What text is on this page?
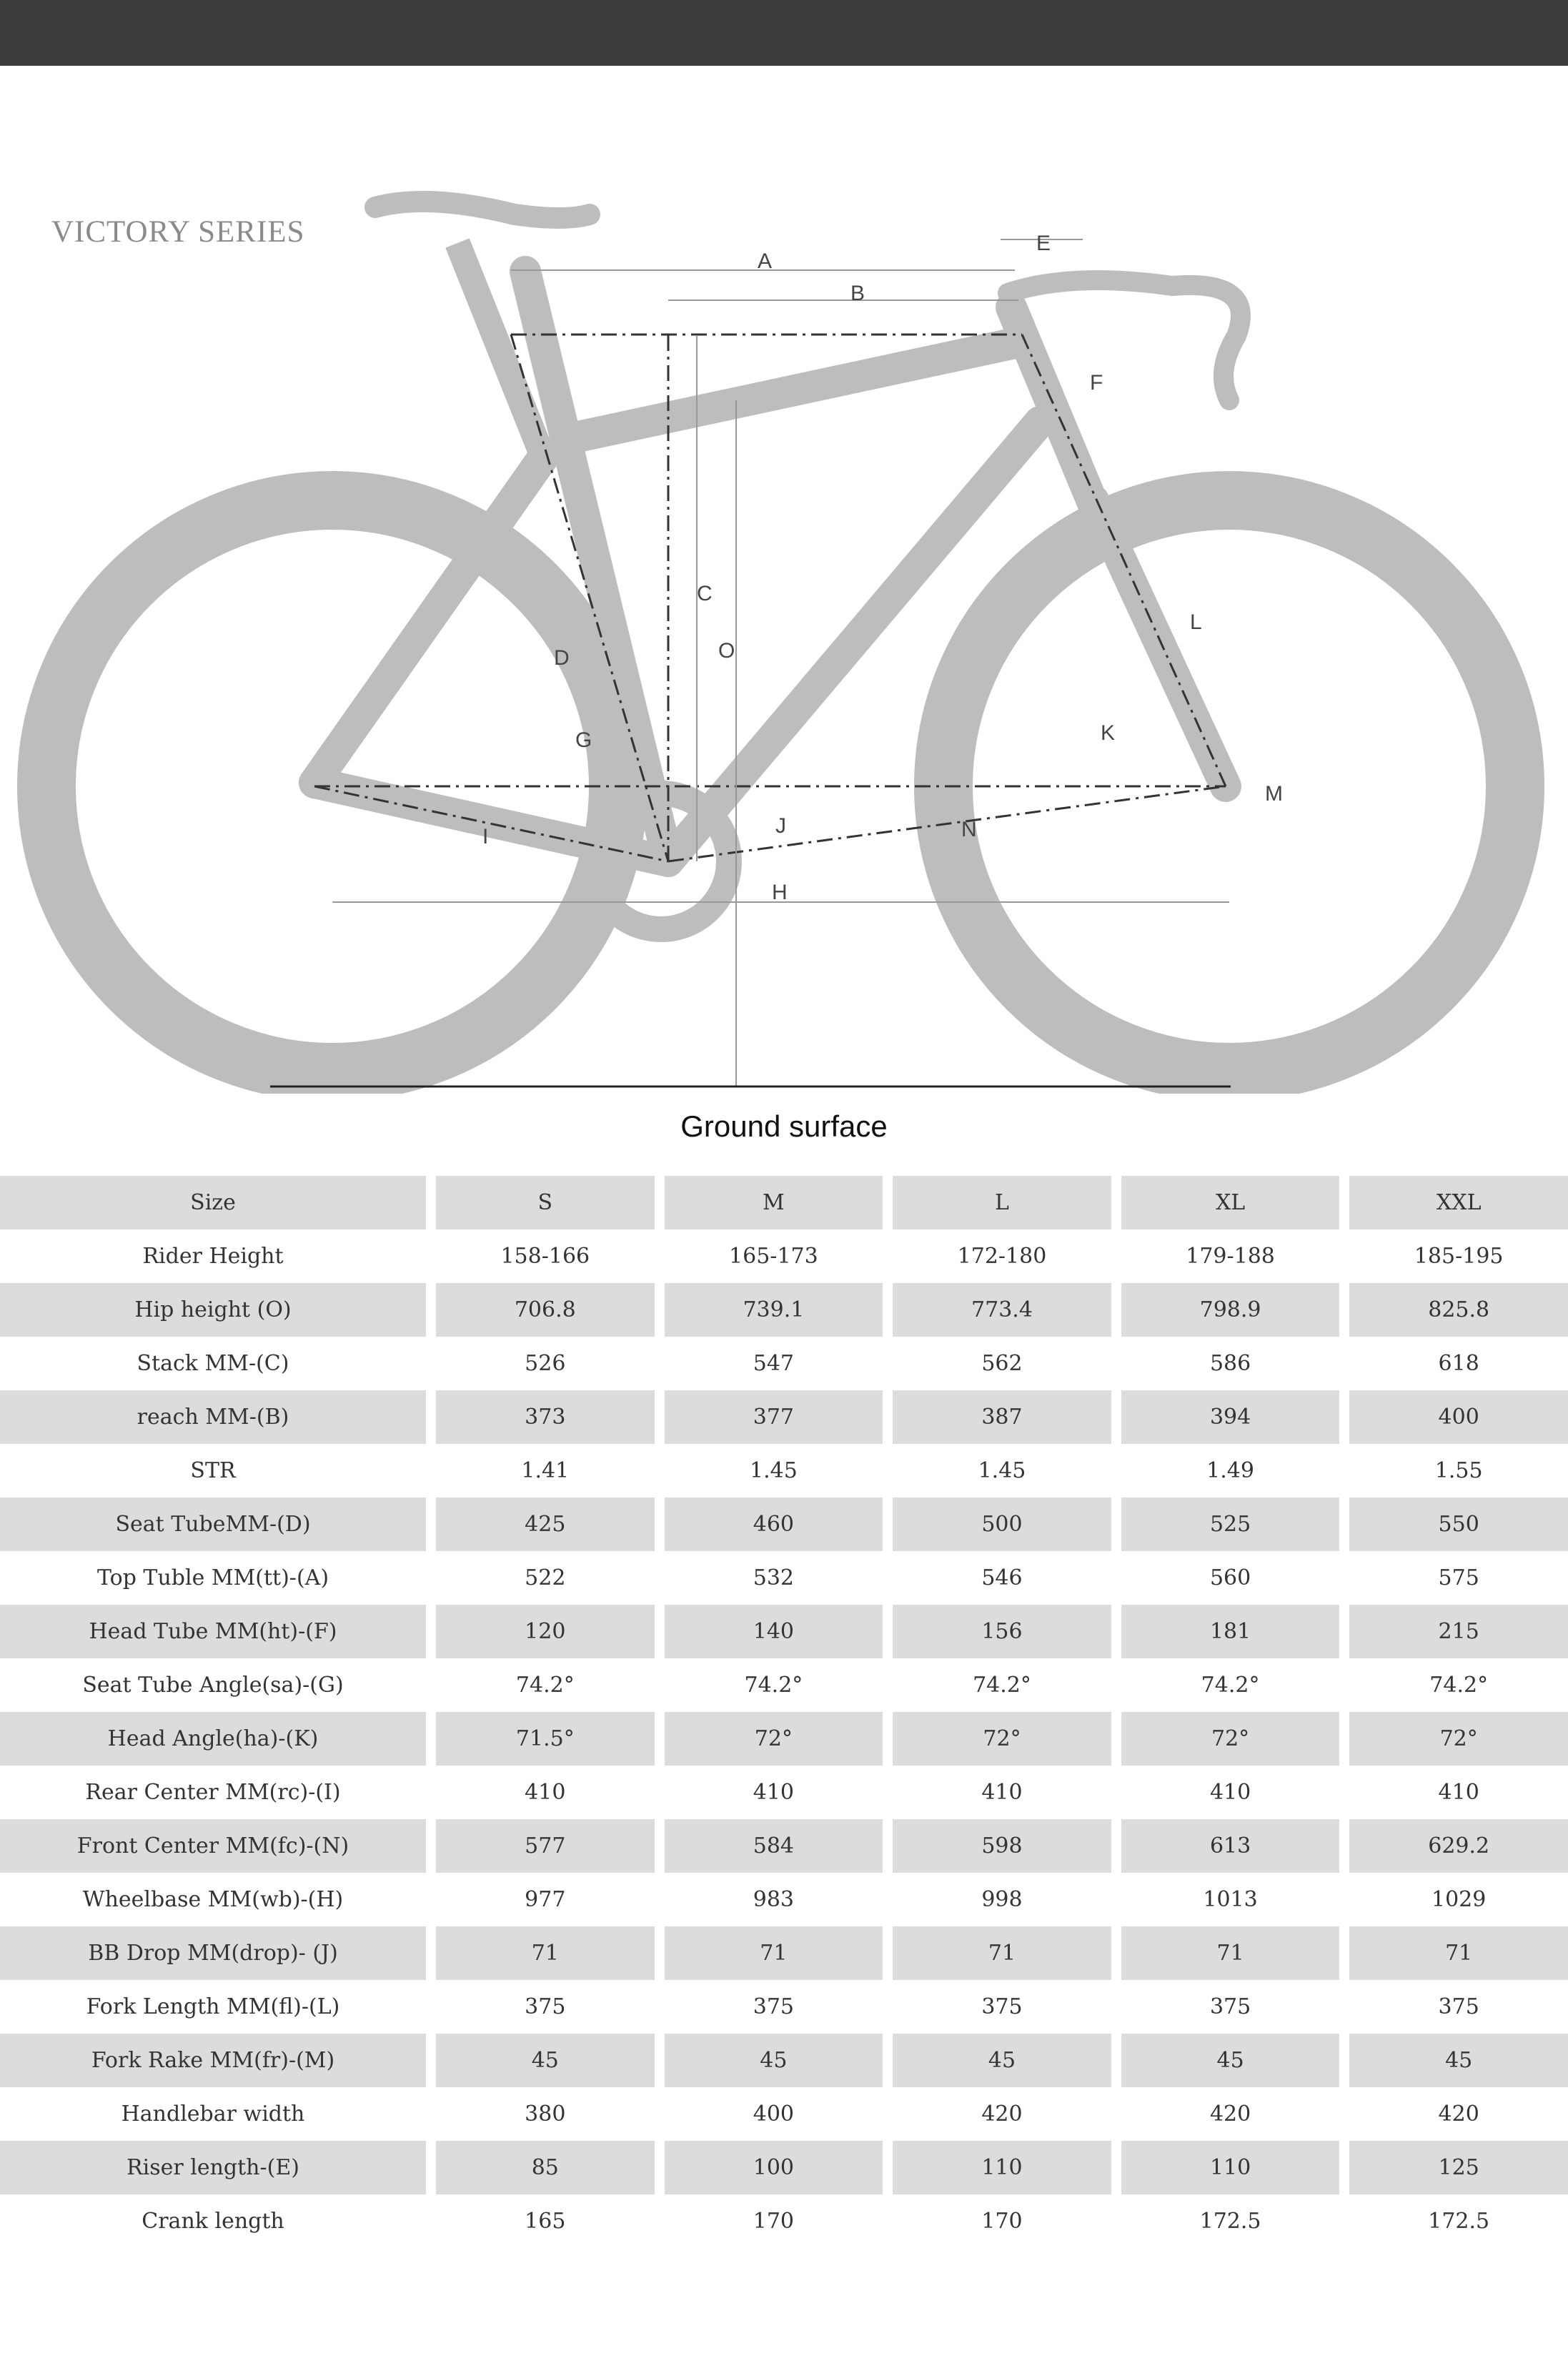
VICTORY SERIES
A
B
E
F
C
O
D
G
L
K
M
J	N
I
H
Ground surface
Size	S	M	L	XL	XXL
Rider Height	158-166	165-173	172-180	179-188	185-195
Hip height (O)	706.8	739.1	773.4	798.9	825.8
Stack MM-(C)	526	547	562	586	618
reach MM-(B)	373	377	387	394	400
STR	1.41	1.45	1.45	1.49	1.55
Seat TubeMM-(D)	425	460	500	525	550
Top Tuble MM(tt)-(A)	522	532	546	560	575
Head Tube MM(ht)-(F)	120	140	156	181	215
Seat Tube Angle(sa)-(G)	74.2°	74.2°	74.2°	74.2°	74.2°
Head Angle(ha)-(K)	71.5°	72°	72°	72°	72°
Rear Center MM(rc)-(I)	410	410	410	410	410
Front Center MM(fc)-(N)	577	584	598	613	629.2
Wheelbase MM(wb)-(H)	977	983	998	1013	1029
BB Drop MM(drop)- (J)	71	71	71	71	71
Fork Length MM(fl)-(L)	375	375	375	375	375
Fork Rake MM(fr)-(M)	45	45	45	45	45
Handlebar width	380	400	420	420	420
Riser length-(E)	85	100	110	110	125
Crank length	165	170	170	172.5	172.5
